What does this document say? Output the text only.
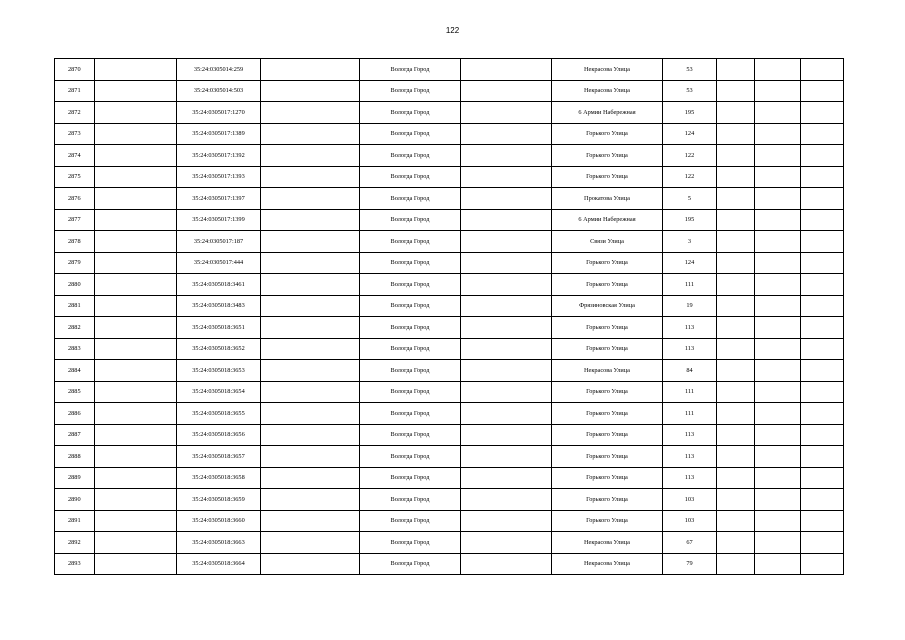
122
2870		35:24:0305014:259		Вологда Город		Некрасова Улица	53			
2871		35:24:0305014:503		Вологда Город		Некрасова Улица	53			
2872		35:24:0305017:1270		Вологда Город		6 Армии Набережная	195			
2873		35:24:0305017:1389		Вологда Город		Горького Улица	124			
2874		35:24:0305017:1392		Вологда Город		Горького Улица	122			
2875		35:24:0305017:1393		Вологда Город		Горького Улица	122			
2876		35:24:0305017:1397		Вологда Город		Прокатова Улица	5			
2877		35:24:0305017:1399		Вологда Город		6 Армии Набережная	195			
2878		35:24:0305017:187		Вологда Город		Связи Улица	3			
2879		35:24:0305017:444		Вологда Город		Горького Улица	124			
2880		35:24:0305018:3461		Вологда Город		Горького Улица	111			
2881		35:24:0305018:3483		Вологда Город		Фрязиновская Улица	19			
2882		35:24:0305018:3651		Вологда Город		Горького Улица	113			
2883		35:24:0305018:3652		Вологда Город		Горького Улица	113			
2884		35:24:0305018:3653		Вологда Город		Некрасова Улица	84			
2885		35:24:0305018:3654		Вологда Город		Горького Улица	111			
2886		35:24:0305018:3655		Вологда Город		Горького Улица	111			
2887		35:24:0305018:3656		Вологда Город		Горького Улица	113			
2888		35:24:0305018:3657		Вологда Город		Горького Улица	113			
2889		35:24:0305018:3658		Вологда Город		Горького Улица	113			
2890		35:24:0305018:3659		Вологда Город		Горького Улица	103			
2891		35:24:0305018:3660		Вологда Город		Горького Улица	103			
2892		35:24:0305018:3663		Вологда Город		Некрасова Улица	67			
2893		35:24:0305018:3664		Вологда Город		Некрасова Улица	79			
